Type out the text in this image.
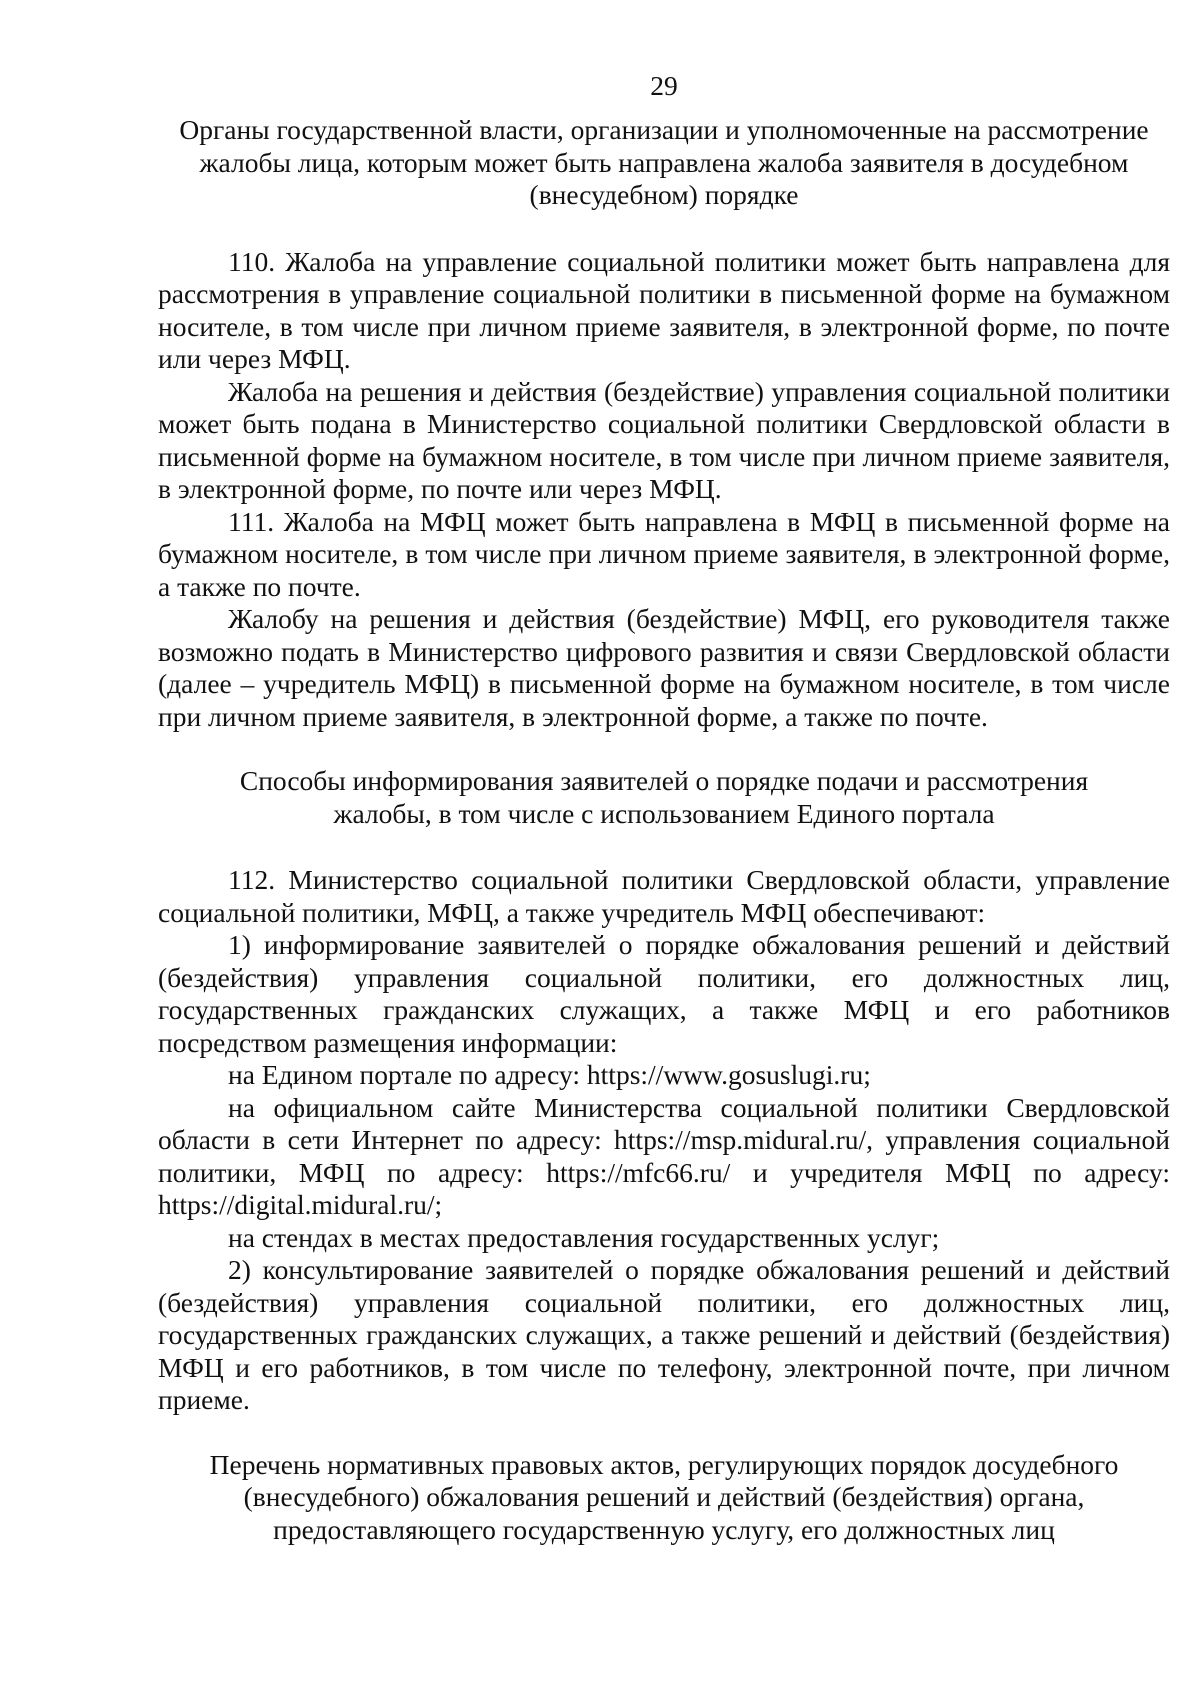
29

Органы государственной власти, организации и уполномоченные на рассмотрение жалобы лица, которым может быть направлена жалоба заявителя в досудебном (внесудебном) порядке

110. Жалоба на управление социальной политики может быть направлена для рассмотрения в управление социальной политики в письменной форме на бумажном носителе, в том числе при личном приеме заявителя, в электронной форме, по почте или через МФЦ.

Жалоба на решения и действия (бездействие) управления социальной политики может быть подана в Министерство социальной политики Свердловской области в письменной форме на бумажном носителе, в том числе при личном приеме заявителя, в электронной форме, по почте или через МФЦ.

111. Жалоба на МФЦ может быть направлена в МФЦ в письменной форме на бумажном носителе, в том числе при личном приеме заявителя, в электронной форме, а также по почте.

Жалобу на решения и действия (бездействие) МФЦ, его руководителя также возможно подать в Министерство цифрового развития и связи Свердловской области (далее – учредитель МФЦ) в письменной форме на бумажном носителе, в том числе при личном приеме заявителя, в электронной форме, а также по почте.

Способы информирования заявителей о порядке подачи и рассмотрения жалобы, в том числе с использованием Единого портала

112. Министерство социальной политики Свердловской области, управление социальной политики, МФЦ, а также учредитель МФЦ обеспечивают:

1) информирование заявителей о порядке обжалования решений и действий (бездействия) управления социальной политики, его должностных лиц, государственных гражданских служащих, а также МФЦ и его работников посредством размещения информации:

на Едином портале по адресу: https://www.gosuslugi.ru;

на официальном сайте Министерства социальной политики Свердловской области в сети Интернет по адресу: https://msp.midural.ru/, управления социальной политики, МФЦ по адресу: https://mfc66.ru/ и учредителя МФЦ по адресу: https://digital.midural.ru/;

на стендах в местах предоставления государственных услуг;

2) консультирование заявителей о порядке обжалования решений и действий (бездействия) управления социальной политики, его должностных лиц, государственных гражданских служащих, а также решений и действий (бездействия) МФЦ и его работников, в том числе по телефону, электронной почте, при личном приеме.

Перечень нормативных правовых актов, регулирующих порядок досудебного (внесудебного) обжалования решений и действий (бездействия) органа, предоставляющего государственную услугу, его должностных лиц
